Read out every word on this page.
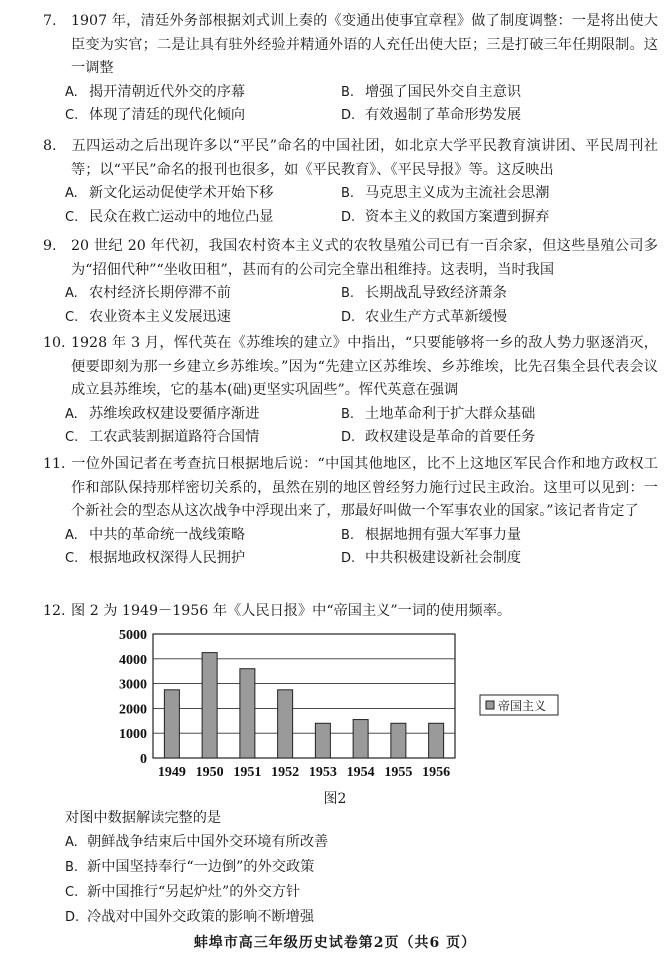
7. 1907 年，清廷外务部根据刘式训上奏的《变通出使事宜章程》做了制度调整：一是将出使大臣变为实官；二是让具有驻外经验并精通外语的人充任出使大臣；三是打破三年任期限制。这一调整
A. 揭开清朝近代外交的序幕	B. 增强了国民外交自主意识
C. 体现了清廷的现代化倾向	D. 有效遏制了革命形势发展
8. 五四运动之后出现许多以“平民”命名的中国社团，如北京大学平民教育演讲团、平民周刊社等；以“平民”命名的报刊也很多，如《平民教育》、《平民导报》等。这反映出
A. 新文化运动促使学术开始下移	B. 马克思主义成为主流社会思潮
C. 民众在救亡运动中的地位凸显	D. 资本主义的救国方案遭到摒弃
9. 20 世纪 20 年代初，我国农村资本主义式的农牧垦殖公司已有一百余家，但这些垦殖公司多为“招佃代种”“坐收田租”，甚而有的公司完全靠出租维持。这表明，当时我国
A. 农村经济长期停滞不前	B. 长期战乱导致经济萧条
C. 农业资本主义发展迅速	D. 农业生产方式革新缓慢
10. 1928 年 3 月，恽代英在《苏维埃的建立》中指出，“只要能够将一乡的敌人势力驱逐消灭，便要即刻为那一乡建立乡苏维埃。”因为“先建立区苏维埃、乡苏维埃，比先召集全县代表会议成立县苏维埃，它的基本(础)更坚实巩固些”。恽代英意在强调
A. 苏维埃政权建设要循序渐进	B. 土地革命利于扩大群众基础
C. 工农武装割据道路符合国情	D. 政权建设是革命的首要任务
11. 一位外国记者在考查抗日根据地后说：“中国其他地区，比不上这地区军民合作和地方政权工作和部队保持那样密切关系的，虽然在别的地区曾经努力施行过民主政治。这里可以见到：一个新社会的型态从这次战争中浮现出来了，那最好叫做一个军事农业的国家。”该记者肯定了
A. 中共的革命统一战线策略	B. 根据地拥有强大军事力量
C. 根据地政权深得人民拥护	D. 中共积极建设新社会制度
12. 图 2 为 1949－1956 年《人民日报》中“帝国主义”一词的使用频率。
0
1000
2000
3000
4000
5000
1949 1950 1951 1952 1953 1954 1955 1956
帝国主义
图2
对图中数据解读完整的是
A. 朝鲜战争结束后中国外交环境有所改善
B. 新中国坚持奉行“一边倒”的外交政策
C. 新中国推行“另起炉灶”的外交方针
D. 冷战对中国外交政策的影响不断增强
蚌埠市高三年级历史试卷第2页（共6 页）
